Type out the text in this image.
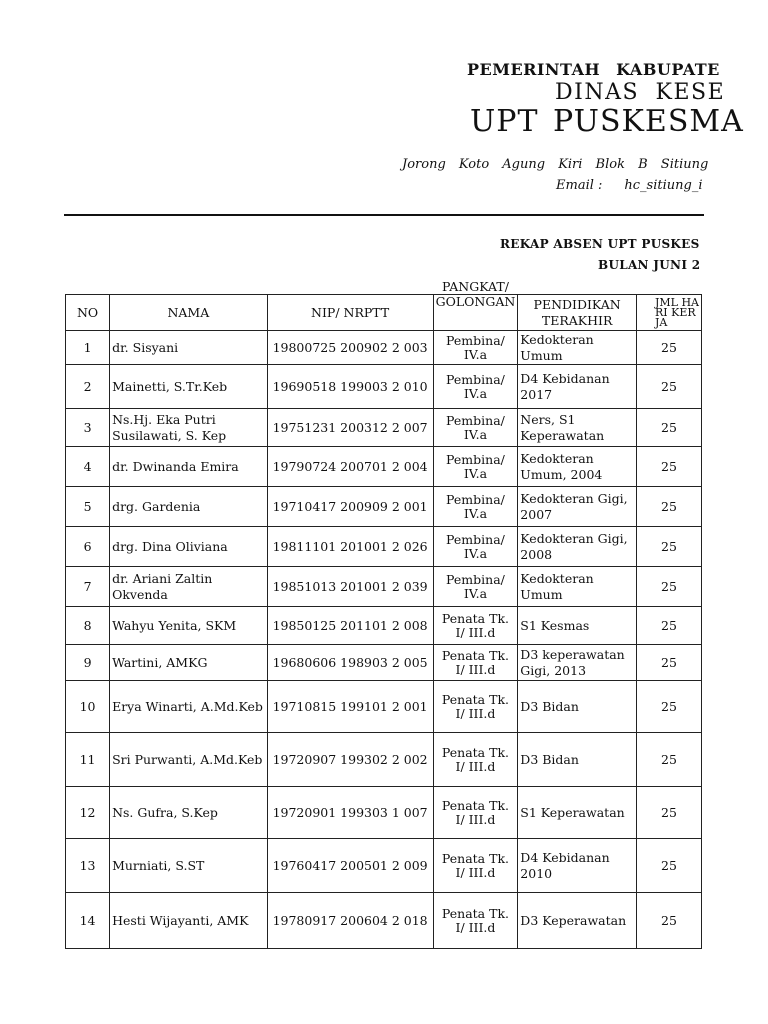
PEMERINTAH KABUPATE
DINAS KESE
UPT PUSKESMA
Jorong Koto Agung Kiri Blok B Sitiung
Email : hc_sitiung_i
REKAP ABSEN UPT PUSKES
BULAN JUNI 2
NO	NAMA	NIP/ NRPTT	PANGKAT/ GOLONGAN	PENDIDIKAN TERAKHIR	JML HARI KERJA

1	dr. Sisyani	19800725 200902 2 003	Pembina/ IV.a	Kedokteran Umum	25
2	Mainetti, S.Tr.Keb	19690518 199003 2 010	Pembina/ IV.a	D4 Kebidanan 2017	25
3	Ns.Hj. Eka Putri Susilawati, S. Kep	19751231 200312 2 007	Pembina/ IV.a	Ners, S1 Keperawatan	25
4	dr. Dwinanda Emira	19790724 200701 2 004	Pembina/ IV.a	Kedokteran Umum, 2004	25
5	drg. Gardenia	19710417 200909 2 001	Pembina/ IV.a	Kedokteran Gigi, 2007	25
6	drg. Dina Oliviana	19811101 201001 2 026	Pembina/ IV.a	Kedokteran Gigi, 2008	25
7	dr. Ariani Zaltin Okvenda	19851013 201001 2 039	Pembina/ IV.a	Kedokteran Umum	25
8	Wahyu Yenita, SKM	19850125 201101 2 008	Penata Tk. I/ III.d	S1 Kesmas	25
9	Wartini, AMKG	19680606 198903 2 005	Penata Tk. I/ III.d	D3 keperawatan Gigi, 2013	25
10	Erya Winarti, A.Md.Keb	19710815 199101 2 001	Penata Tk. I/ III.d	D3 Bidan	25
11	Sri Purwanti, A.Md.Keb	19720907 199302 2 002	Penata Tk. I/ III.d	D3 Bidan	25
12	Ns. Gufra, S.Kep	19720901 199303 1 007	Penata Tk. I/ III.d	S1 Keperawatan	25
13	Murniati, S.ST	19760417 200501 2 009	Penata Tk. I/ III.d	D4 Kebidanan 2010	25
14	Hesti Wijayanti, AMK	19780917 200604 2 018	Penata Tk. I/ III.d	D3 Keperawatan	25
